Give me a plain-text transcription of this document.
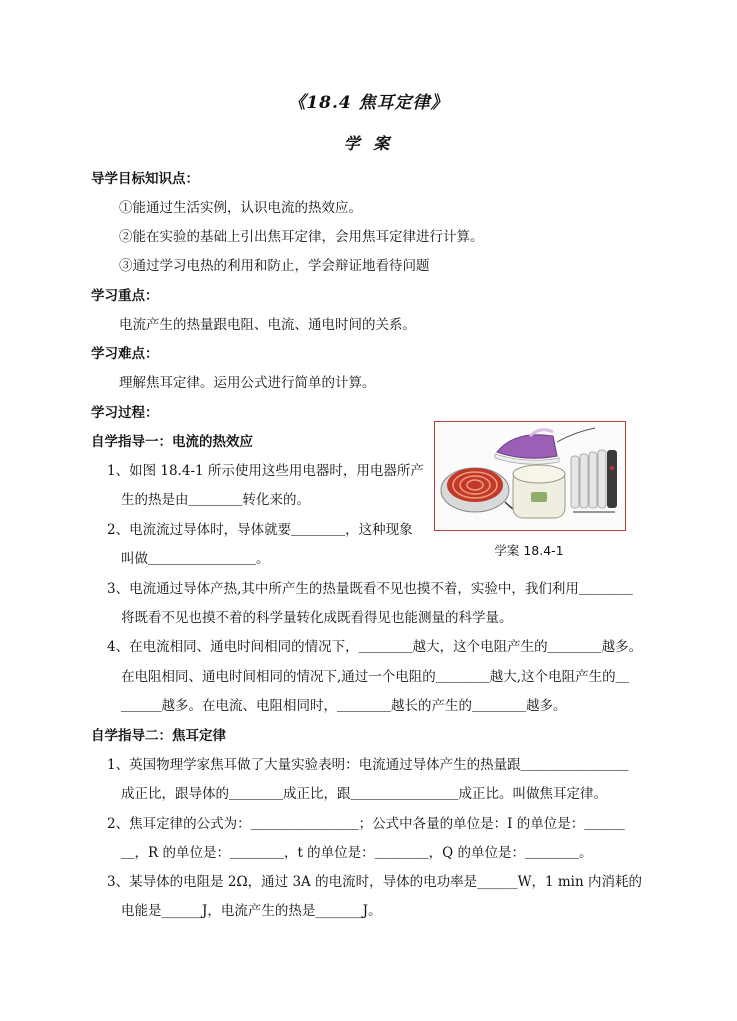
《18.4 焦耳定律》
学 案
导学目标知识点：
①能通过生活实例，认识电流的热效应。
②能在实验的基础上引出焦耳定律，会用焦耳定律进行计算。
③通过学习电热的利用和防止，学会辩证地看待问题
学习重点：
电流产生的热量跟电阻、电流、通电时间的关系。
学习难点：
理解焦耳定律。运用公式进行简单的计算。
学习过程：
自学指导一：电流的热效应
1、如图 18.4-1 所示使用这些用电器时，用电器所产
生的热是由＿＿＿＿转化来的。
2、电流流过导体时，导体就要＿＿＿＿，这种现象
叫做＿＿＿＿＿＿＿＿。
学案 18.4-1
3、电流通过导体产热,其中所产生的热量既看不见也摸不着，实验中，我们利用＿＿＿＿
将既看不见也摸不着的科学量转化成既看得见也能测量的科学量。
4、在电流相同、通电时间相同的情况下，＿＿＿＿越大，这个电阻产生的＿＿＿＿越多。
在电阻相同、通电时间相同的情况下,通过一个电阻的＿＿＿＿越大,这个电阻产生的＿
＿＿＿越多。在电流、电阻相同时，＿＿＿＿越长的产生的＿＿＿＿越多。
自学指导二：焦耳定律
1、英国物理学家焦耳做了大量实验表明：电流通过导体产生的热量跟＿＿＿＿＿＿＿＿
成正比，跟导体的＿＿＿＿成正比，跟＿＿＿＿＿＿＿＿成正比。叫做焦耳定律。
2、焦耳定律的公式为：＿＿＿＿＿＿＿＿；公式中各量的单位是：I 的单位是：＿＿＿
＿，R 的单位是：＿＿＿＿，t 的单位是：＿＿＿＿，Q 的单位是：＿＿＿＿。
3、某导体的电阻是 2Ω，通过 3A 的电流时，导体的电功率是______W，1 min 内消耗的
电能是______J，电流产生的热是_______J。
